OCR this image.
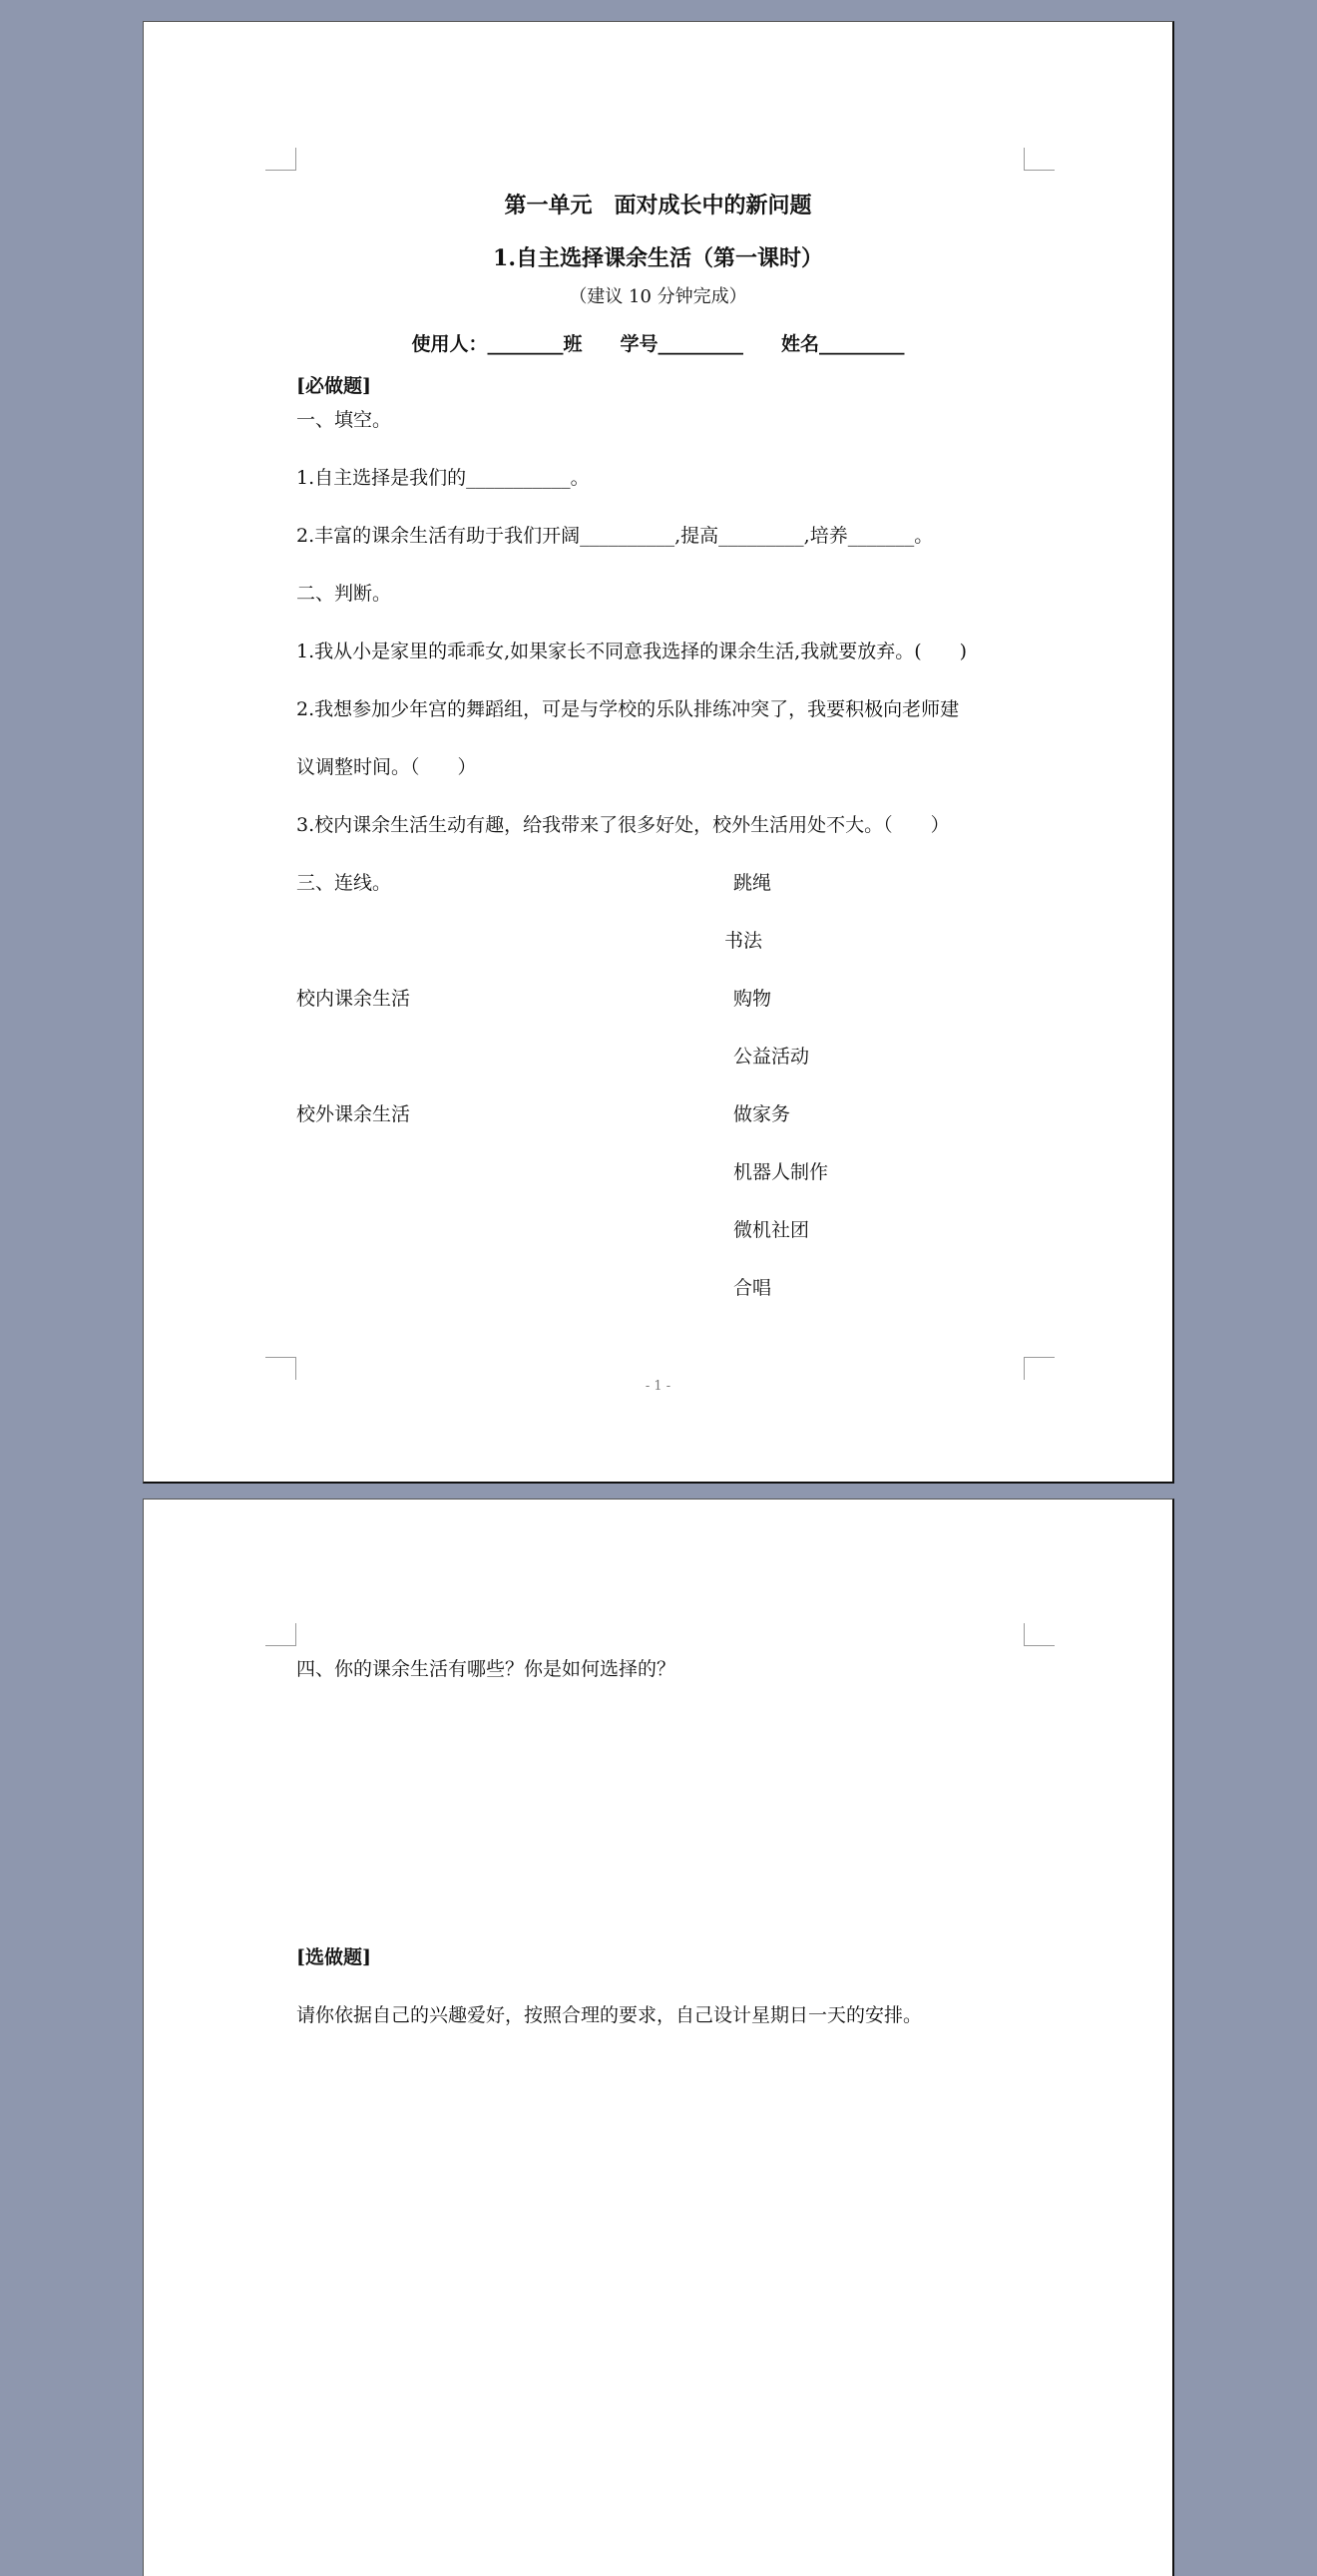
第一单元　面对成长中的新问题
1.自主选择课余生活（第一课时）
（建议 10 分钟完成）
使用人：________班　　学号_________　　姓名_________
[必做题]
一、填空。
1.自主选择是我们的___________。
2.丰富的课余生活有助于我们开阔__________,提高_________,培养_______。
二、判断。
1.我从小是家里的乖乖女,如果家长不同意我选择的课余生活,我就要放弃。(　　)
2.我想参加少年宫的舞蹈组，可是与学校的乐队排练冲突了，我要积极向老师建
议调整时间。（　　）
3.校内课余生活生动有趣，给我带来了很多好处，校外生活用处不大。（　　）
三、连线。
校内课余生活
校外课余生活
跳绳
书法
购物
公益活动
做家务
机器人制作
微机社团
合唱
- 1 -
四、你的课余生活有哪些？你是如何选择的？
[选做题]
请你依据自己的兴趣爱好，按照合理的要求，自己设计星期日一天的安排。
